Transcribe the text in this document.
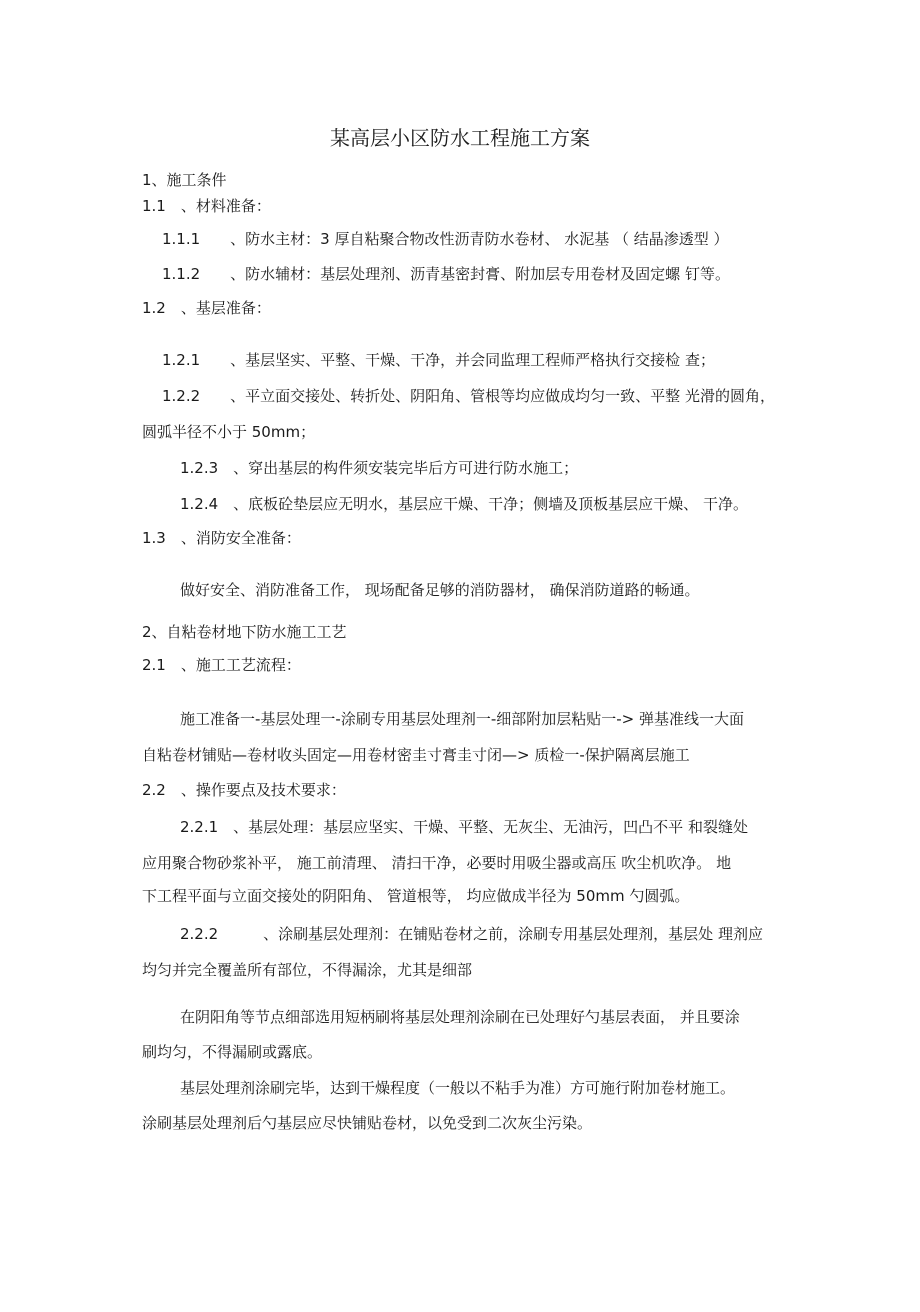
某高层小区防水工程施工方案
1、施工条件
1.1　、材料准备：
1.1.1　　、防水主材：3 厚自粘聚合物改性沥青防水卷材、 水泥基 （ 结晶渗透型 ）
1.1.2　　、防水辅材：基层处理剂、沥青基密封膏、附加层专用卷材及固定螺 钉等。
1.2　、基层准备：
1.2.1　　、基层坚实、平整、干燥、干净，并会同监理工程师严格执行交接检 查；
1.2.2　　、平立面交接处、转折处、阴阳角、管根等均应做成均匀一致、平整 光滑的圆角，
圆弧半径不小于 50mm；
1.2.3　、穿出基层的构件须安装完毕后方可进行防水施工；
1.2.4　、底板砼垫层应无明水，基层应干燥、干净；侧墙及顶板基层应干燥、 干净。
1.3　、消防安全准备：
做好安全、消防准备工作， 现场配备足够的消防器材， 确保消防道路的畅通。
2、自粘卷材地下防水施工工艺
2.1　、施工工艺流程：
施工准备一-基层处理一-涂刷专用基层处理剂一-细部附加层粘贴一-> 弹基准线一大面
自粘卷材铺贴—卷材收头固定—用卷材密圭寸膏圭寸闭—> 质检一-保护隔离层施工
2.2　、操作要点及技术要求：
2.2.1　、基层处理：基层应坚实、干燥、平整、无灰尘、无油污，凹凸不平 和裂缝处
应用聚合物砂浆补平， 施工前清理、 清扫干净，必要时用吸尘器或高压 吹尘机吹净。 地
下工程平面与立面交接处的阴阳角、 管道根等， 均应做成半径为 50mm 勺圆弧。
2.2.2　　　、涂刷基层处理剂：在铺贴卷材之前，涂刷专用基层处理剂，基层处 理剂应
均匀并完全覆盖所有部位，不得漏涂，尤其是细部
在阴阳角等节点细部选用短柄刷将基层处理剂涂刷在已处理好勺基层表面， 并且要涂
刷均匀，不得漏刷或露底。
基层处理剂涂刷完毕，达到干燥程度（一般以不粘手为准）方可施行附加卷材施工。
涂刷基层处理剂后勺基层应尽快铺贴卷材，以免受到二次灰尘污染。
